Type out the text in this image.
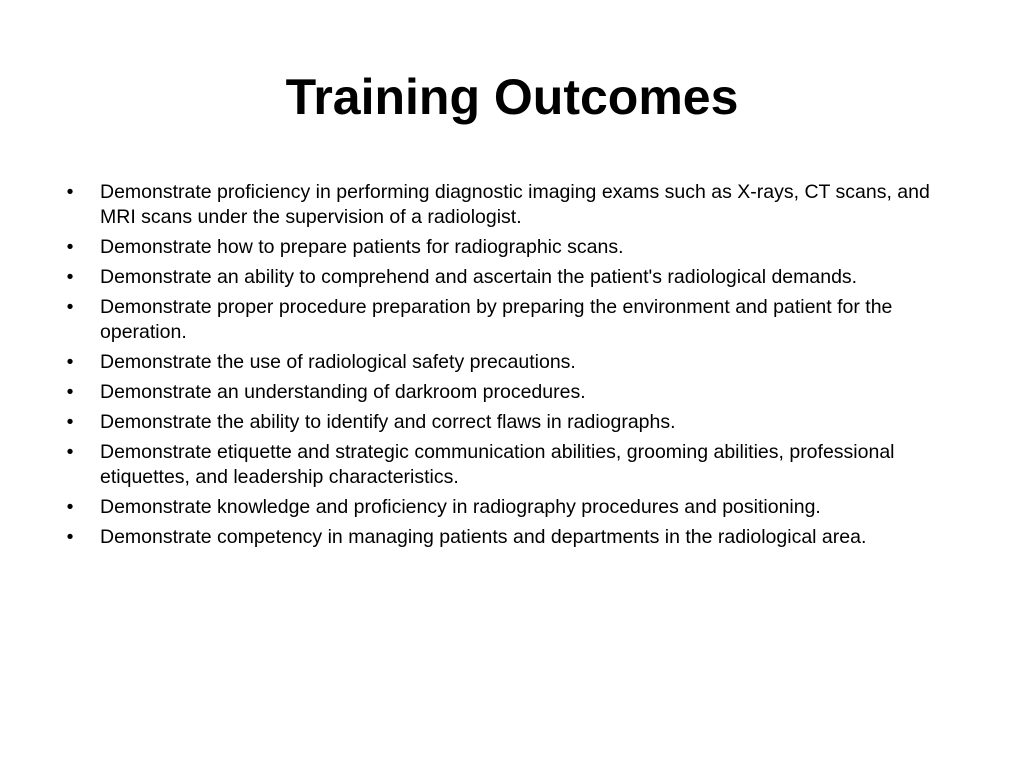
Training Outcomes
•	Demonstrate proficiency in performing diagnostic imaging exams such as X-rays, CT scans, and MRI scans under the supervision of a radiologist.
•	Demonstrate how to prepare patients for radiographic scans.
•	Demonstrate an ability to comprehend and ascertain the patient's radiological demands.
•	Demonstrate proper procedure preparation by preparing the environment and patient for the operation.
•	Demonstrate the use of radiological safety precautions.
•	Demonstrate an understanding of darkroom procedures.
•	Demonstrate the ability to identify and correct flaws in radiographs.
•	Demonstrate etiquette and strategic communication abilities, grooming abilities, professional etiquettes, and leadership characteristics.
•	Demonstrate knowledge and proficiency in radiography procedures and positioning.
•	Demonstrate competency in managing patients and departments in the radiological area.
